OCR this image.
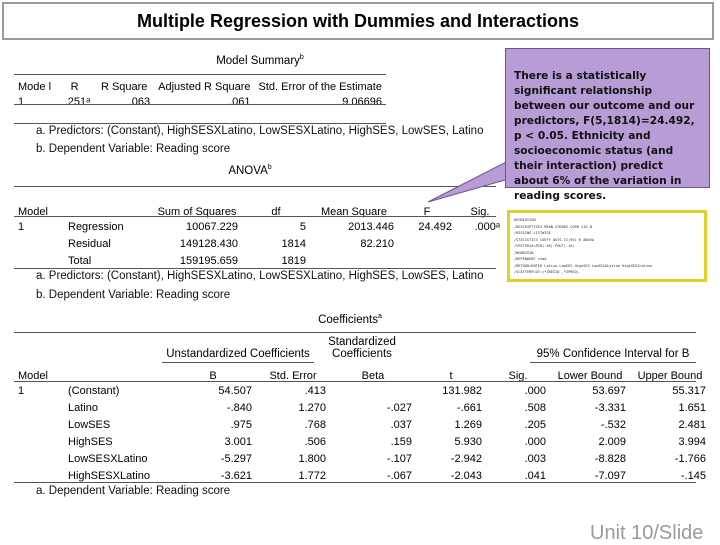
Multiple Regression with Dummies and Interactions
Model Summary$^b$
Mode l	R	R Square	Adjusted R Square	Std. Error of the Estimate
1	.251ᵃ	.063	.061	9.06696
a. Predictors: (Constant), HighSESXLatino, LowSESXLatino, HighSES, LowSES, Latino
b. Dependent Variable: Reading score
ANOVA$^b$
Model		Sum of Squares	df	Mean Square	F	Sig.
1	Regression	10067.229	5	2013.446	24.492	.000ᵃ
	Residual	149128.430	1814	82.210		
	Total	159195.659	1819			
a. Predictors: (Constant), HighSESXLatino, LowSESXLatino, HighSES, LowSES, Latino
b. Dependent Variable: Reading score
Coefficients$^a$
Unstandardized Coefficients
Standardized Coefficients	95% Confidence Interval for B
Model		B	Std. Error	Beta	t	Sig.	Lower Bound	Upper Bound
1	(Constant)	54.507	.413		131.982	.000	53.697	55.317
	Latino	-.840	1.270	-.027	-.661	.508	-3.331	1.651
	LowSES	.975	.768	.037	1.269	.205	-.532	2.481
	HighSES	3.001	.506	.159	5.930	.000	2.009	3.994
	LowSESXLatino	-5.297	1.800	-.107	-2.942	.003	-8.828	-1.766
	HighSESXLatino	-3.621	1.772	-.067	-2.043	.041	-7.097	-.145
a. Dependent Variable: Reading score
There is a statistically significant relationship between our outcome and our predictors, F(5,1814)=24.492, p < 0.05. Ethnicity and socioeconomic status (and their interaction) predict about 6% of the variation in reading scores.
REGRESSION
/DESCRIPTIVES MEAN STDDEV CORR SIG N
/MISSING LISTWISE
/STATISTICS COEFF OUTS CI(95) R ANOVA
/CRITERIA=PIN(.05) POUT(.10)
/NOORIGIN
/DEPENDENT read
/METHOD=ENTER Latino LowSES HighSES LowSESXLatino HighSESXLatino
/SCATTERPLOT=(*ZRESID ,*ZPRED).
Unit 10/Slide
